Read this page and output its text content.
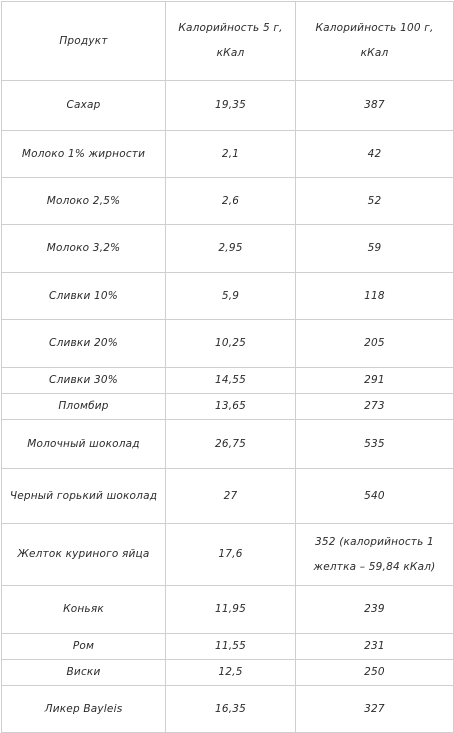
Продукт	Калорийность 5 г, кКал	Калорийность 100 г, кКал
Сахар	19,35	387
Молоко 1% жирности	2,1	42
Молоко 2,5%	2,6	52
Молоко 3,2%	2,95	59
Сливки 10%	5,9	118
Сливки 20%	10,25	205
Сливки 30%	14,55	291
Пломбир	13,65	273
Молочный шоколад	26,75	535
Черный горький шоколад	27	540
Желток куриного яйца	17,6	352 (калорийность 1 желтка – 59,84 кКал)
Коньяк	11,95	239
Ром	11,55	231
Виски	12,5	250
Ликер Bayleis	16,35	327
